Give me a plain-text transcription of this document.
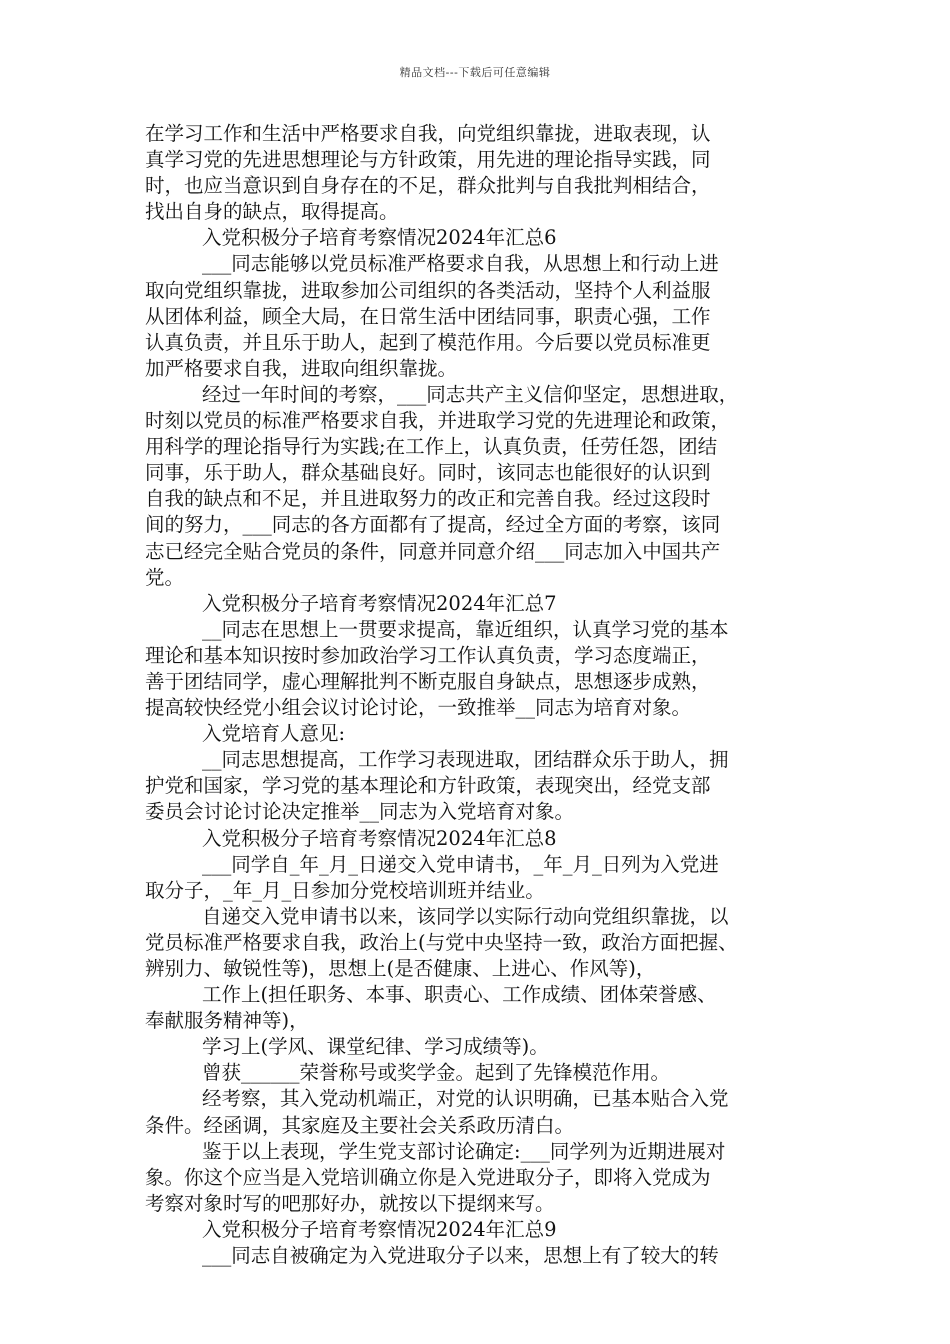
精品文档---下载后可任意编辑
在学习工作和生活中严格要求自我，向党组织靠拢，进取表现，认
真学习党的先进思想理论与方针政策，用先进的理论指导实践，同
时，也应当意识到自身存在的不足，群众批判与自我批判相结合，
找出自身的缺点，取得提高。
入党积极分子培育考察情况2024年汇总6
___同志能够以党员标准严格要求自我，从思想上和行动上进
取向党组织靠拢，进取参加公司组织的各类活动，坚持个人利益服
从团体利益，顾全大局，在日常生活中团结同事，职责心强，工作
认真负责，并且乐于助人，起到了模范作用。今后要以党员标准更
加严格要求自我，进取向组织靠拢。
经过一年时间的考察，___同志共产主义信仰坚定，思想进取，
时刻以党员的标准严格要求自我，并进取学习党的先进理论和政策，
用科学的理论指导行为实践;在工作上，认真负责，任劳任怨，团结
同事，乐于助人，群众基础良好。同时，该同志也能很好的认识到
自我的缺点和不足，并且进取努力的改正和完善自我。经过这段时
间的努力，___同志的各方面都有了提高，经过全方面的考察，该同
志已经完全贴合党员的条件，同意并同意介绍___同志加入中国共产
党。
入党积极分子培育考察情况2024年汇总7
__同志在思想上一贯要求提高，靠近组织，认真学习党的基本
理论和基本知识按时参加政治学习工作认真负责，学习态度端正，
善于团结同学，虚心理解批判不断克服自身缺点，思想逐步成熟，
提高较快经党小组会议讨论讨论，一致推举__同志为培育对象。
入党培育人意见:
__同志思想提高，工作学习表现进取，团结群众乐于助人，拥
护党和国家，学习党的基本理论和方针政策，表现突出，经党支部
委员会讨论讨论决定推举__同志为入党培育对象。
入党积极分子培育考察情况2024年汇总8
___同学自_年_月_日递交入党申请书，_年_月_日列为入党进
取分子，_年_月_日参加分党校培训班并结业。
自递交入党申请书以来，该同学以实际行动向党组织靠拢，以
党员标准严格要求自我，政治上(与党中央坚持一致，政治方面把握、
辨别力、敏锐性等)，思想上(是否健康、上进心、作风等)，
工作上(担任职务、本事、职责心、工作成绩、团体荣誉感、
奉献服务精神等)，
学习上(学风、课堂纪律、学习成绩等)。
曾获______荣誉称号或奖学金。起到了先锋模范作用。
经考察，其入党动机端正，对党的认识明确，已基本贴合入党
条件。经函调，其家庭及主要社会关系政历清白。
鉴于以上表现，学生党支部讨论确定:___同学列为近期进展对
象。你这个应当是入党培训确立你是入党进取分子，即将入党成为
考察对象时写的吧那好办，就按以下提纲来写。
入党积极分子培育考察情况2024年汇总9
___同志自被确定为入党进取分子以来，思想上有了较大的转
